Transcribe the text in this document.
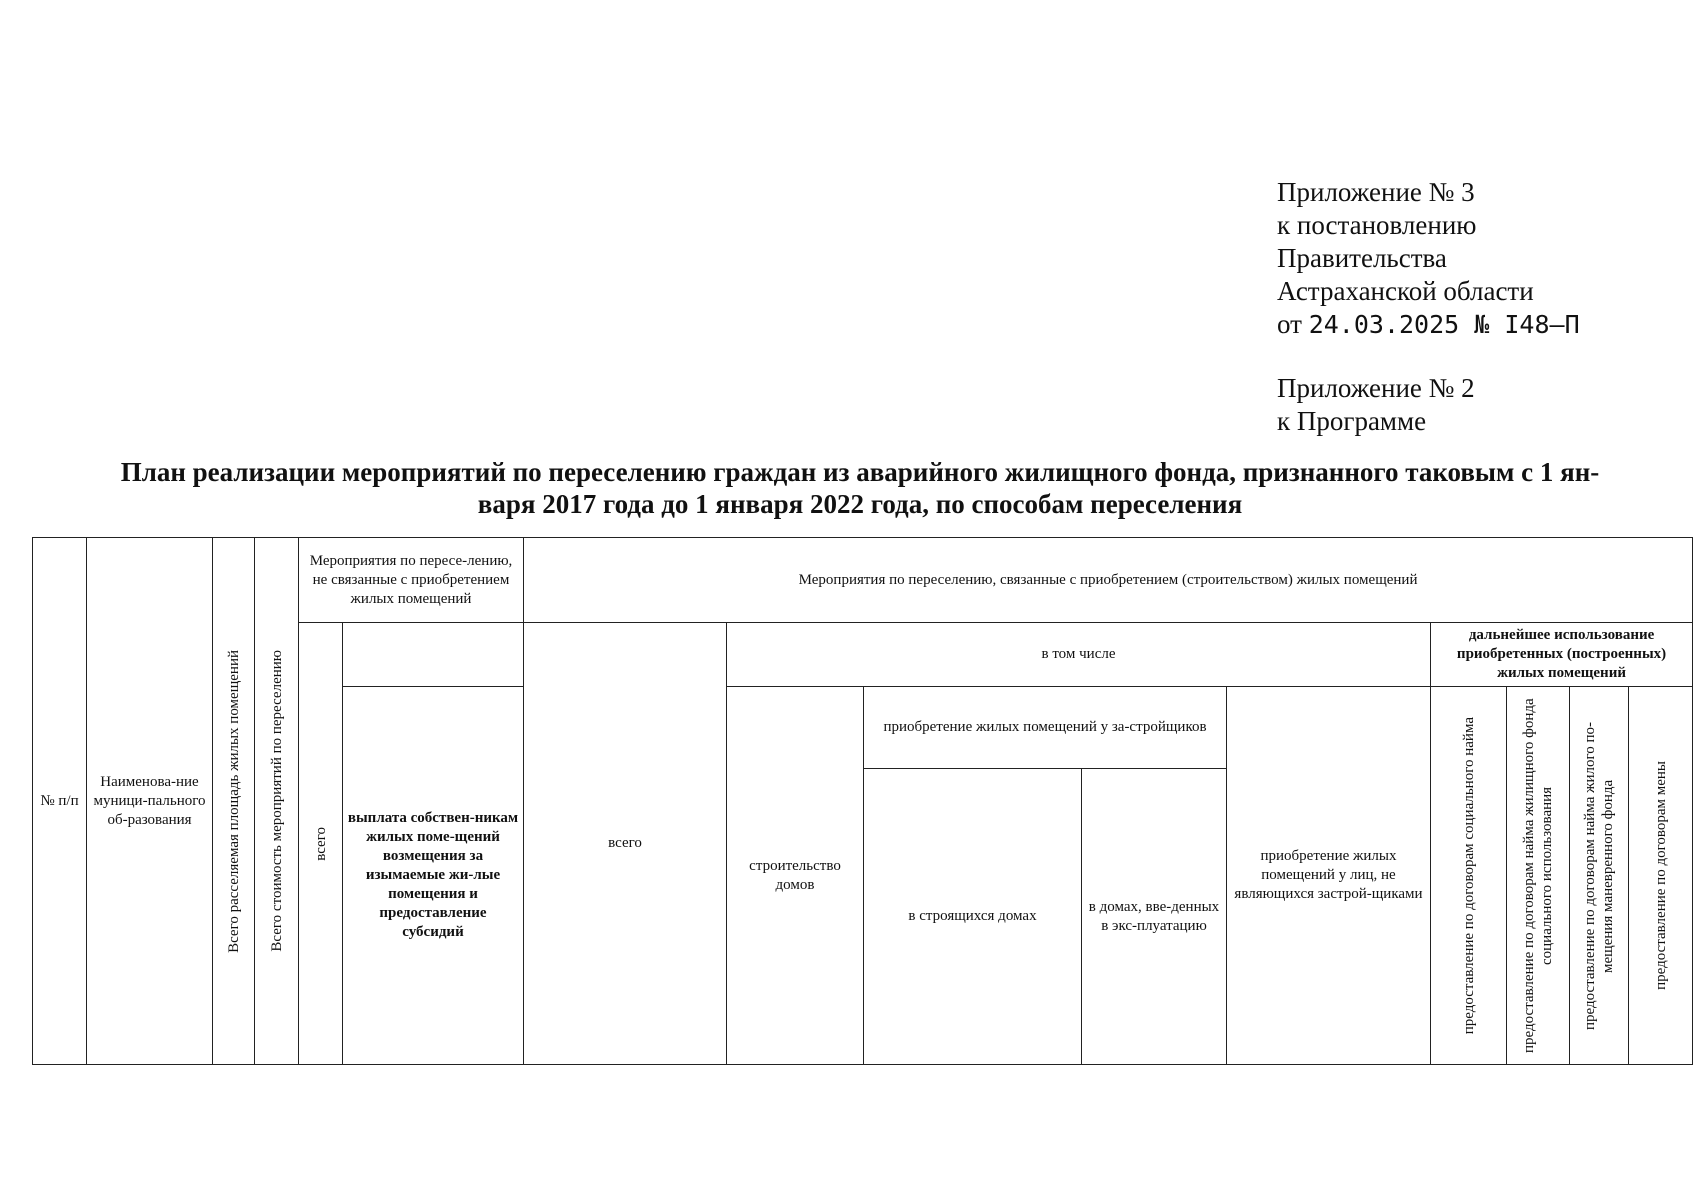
Приложение № 3
к постановлению
Правительства
Астраханской области
от 24.03.2025 № I48–П
Приложение № 2
к Программе
План реализации мероприятий по переселению граждан из аварийного жилищного фонда, признанного таковым с 1 ян-
варя 2017 года до 1 января 2022 года, по способам переселения
№ п/п	Наименова-ние муници-пального об-разования	Всего расселяемая площадь жилых помещений	Всего стоимость мероприятий по переселению	Мероприятия по пересе-лению, не связанные с приобретением жилых помещений		Мероприятия по переселению, связанные с приобретением (строительством) жилых помещений								

				всего		всего	в том числе				дальнейшее использование приобретенных (построенных) жилых помещений			
					выплата собствен-никам жилых поме-щений возмещения за изымаемые жи-лые помещения и предоставление субсидий		строительство домов	приобретение жилых помещений у за-стройщиков		приобретение жилых помещений у лиц, не являющихся застрой-щиками	предоставление по договорам социального найма	предоставление по договорам найма жилищного фонда социального использования	предоставление по договорам найма жилого по-мещения маневренного фонда	предоставление по договорам мены

								в строящихся домах	в домах, вве-денных в экс-плуатацию					
